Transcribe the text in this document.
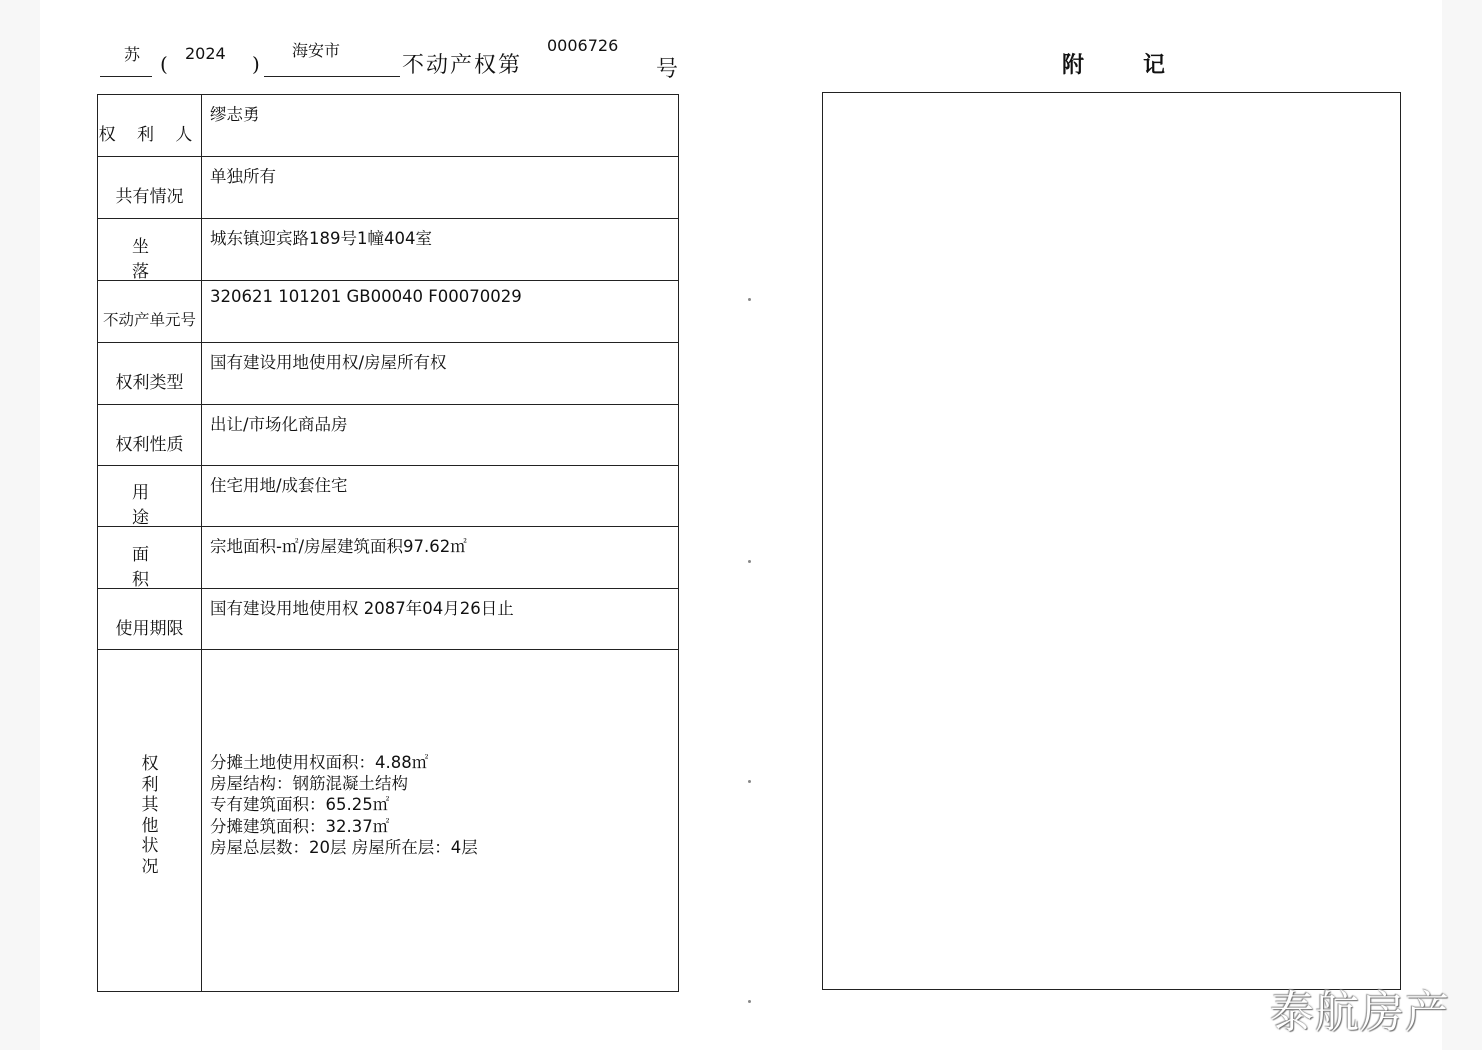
苏 ( 2024 )
海安市
不动产权第
0006726
号
权 利 人
缪志勇
共有情况
单独所有
坐落
城东镇迎宾路189号1幢404室
不动产单元号
320621 101201 GB00040 F00070029
权利类型
国有建设用地使用权/房屋所有权
权利性质
出让/市场化商品房
用途
住宅用地/成套住宅
面积
宗地面积-㎡/房屋建筑面积97.62㎡
使用期限
国有建设用地使用权 2087年04月26日止
权
利
其
他
状
况
分摊土地使用权面积：4.88㎡
房屋结构：钢筋混凝土结构
专有建筑面积：65.25㎡
分摊建筑面积：32.37㎡
房屋总层数：20层 房屋所在层：4层
附	记
泰航房产
